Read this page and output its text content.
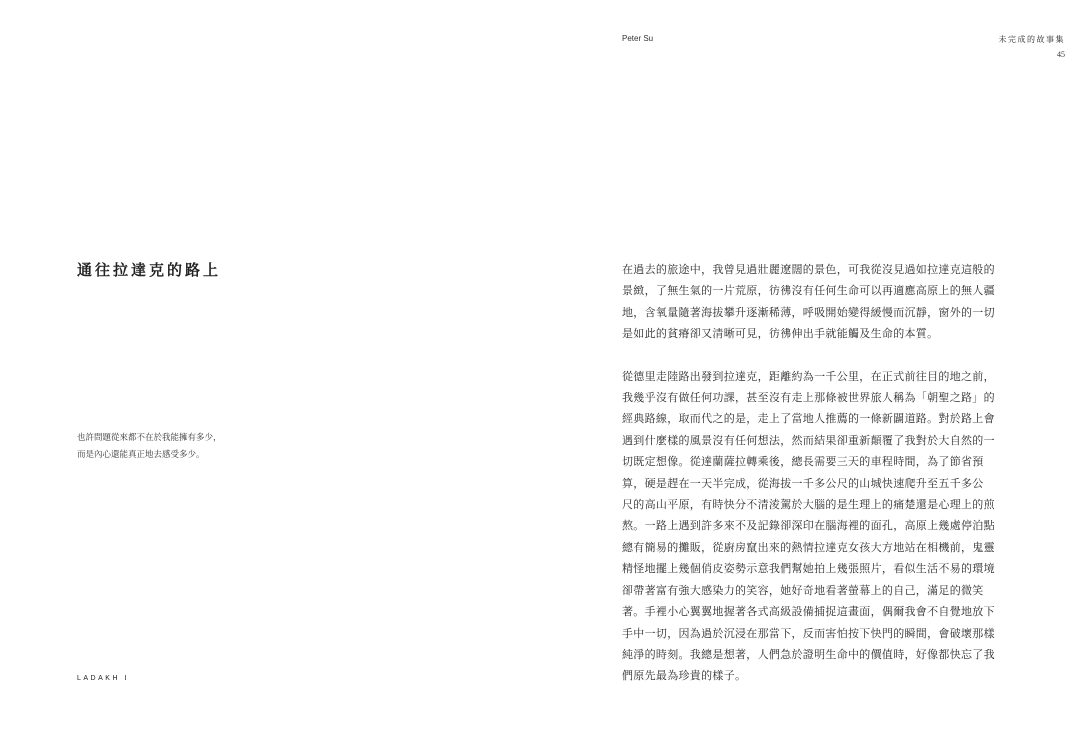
通往拉達克的路上
也許問題從來都不在於我能擁有多少，
而是內心還能真正地去感受多少。
LADAKH I
Peter Su	未完成的故事集
45

在過去的旅途中，我曾見過壯麗遼闊的景色，可我從沒見過如拉達克這般的
景緻，了無生氣的一片荒原，彷彿沒有任何生命可以再適應高原上的無人疆
地，含氧量隨著海拔攀升逐漸稀薄，呼吸開始變得緩慢而沉靜，窗外的一切
是如此的貧瘠卻又清晰可見，彷彿伸出手就能觸及生命的本質。

從德里走陸路出發到拉達克，距離約為一千公里，在正式前往目的地之前，
我幾乎沒有做任何功課，甚至沒有走上那條被世界旅人稱為「朝聖之路」的
經典路線，取而代之的是，走上了當地人推薦的一條新闢道路。對於路上會
遇到什麼樣的風景沒有任何想法，然而結果卻重新顛覆了我對於大自然的一
切既定想像。從達蘭薩拉轉乘後，總長需要三天的車程時間，為了節省預
算，硬是趕在一天半完成，從海拔一千多公尺的山城快速爬升至五千多公
尺的高山平原，有時快分不清淩駕於大腦的是生理上的痛楚還是心理上的煎
熬。一路上遇到許多來不及記錄卻深印在腦海裡的面孔，高原上幾處停泊點
總有簡易的攤販，從廚房竄出來的熱情拉達克女孩大方地站在相機前，鬼靈
精怪地擺上幾個俏皮姿勢示意我們幫她拍上幾張照片，看似生活不易的環境
卻帶著富有強大感染力的笑容，她好奇地看著螢幕上的自己，滿足的微笑
著。手裡小心翼翼地握著各式高級設備捕捉這畫面，偶爾我會不自覺地放下
手中一切，因為過於沉浸在那當下，反而害怕按下快門的瞬間，會破壞那樣
純淨的時刻。我總是想著，人們急於證明生命中的價值時，好像都快忘了我
們原先最為珍貴的樣子。
